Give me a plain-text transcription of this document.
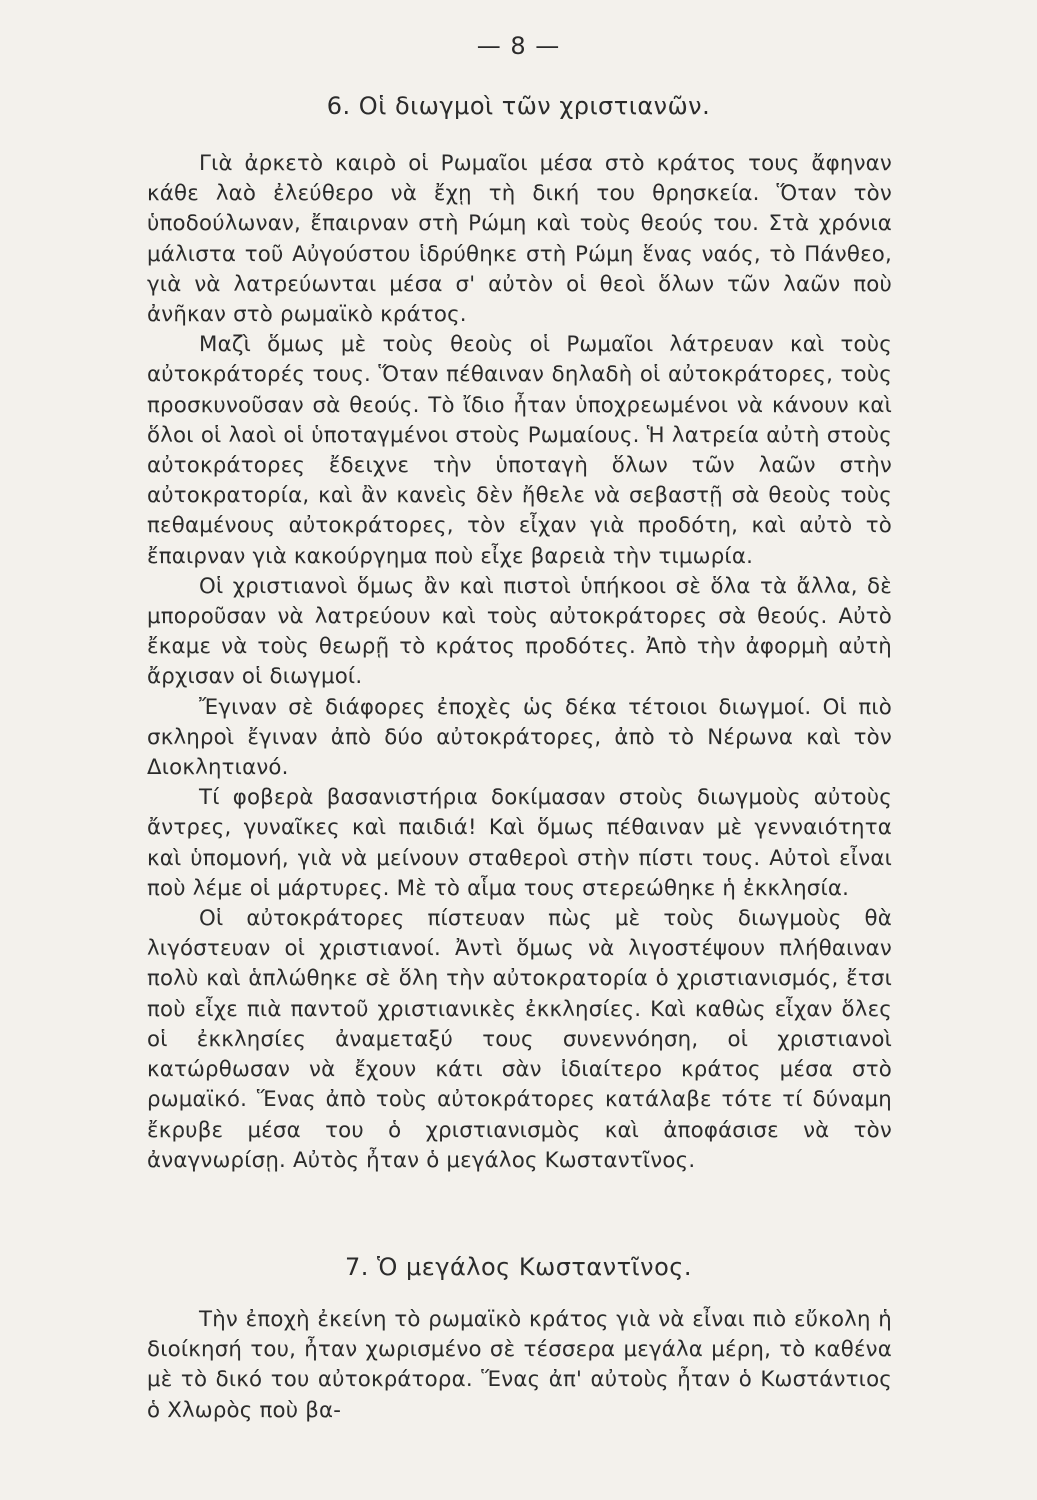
— 8 —
6. Οἱ διωγμοὶ τῶν χριστιανῶν.

Γιὰ ἀρκετὸ καιρὸ οἱ Ρωμαῖοι μέσα στὸ κράτος τους ἄφηναν κάθε λαὸ ἐλεύθερο νὰ ἔχῃ τὴ δική του θρησκεία. Ὅταν τὸν ὑποδούλωναν, ἔπαιρναν στὴ Ρώμη καὶ τοὺς θεούς του. Στὰ χρόνια μάλιστα τοῦ Αὐγούστου ἱδρύθηκε στὴ Ρώμη ἕνας ναός, τὸ Πάνθεο, γιὰ νὰ λατρεύωνται μέσα σ' αὐτὸν οἱ θεοὶ ὅλων τῶν λαῶν ποὺ ἀνῆκαν στὸ ρωμαϊκὸ κράτος.

Μαζὶ ὅμως μὲ τοὺς θεοὺς οἱ Ρωμαῖοι λάτρευαν καὶ τοὺς αὐτοκράτορές τους. Ὅταν πέθαιναν δηλαδὴ οἱ αὐτοκράτορες, τοὺς προσκυνοῦσαν σὰ θεούς. Τὸ ἴδιο ἦταν ὑποχρεωμένοι νὰ κάνουν καὶ ὅλοι οἱ λαοὶ οἱ ὑποταγμένοι στοὺς Ρωμαίους. Ἡ λατρεία αὐτὴ στοὺς αὐτοκράτορες ἔδειχνε τὴν ὑποταγὴ ὅλων τῶν λαῶν στὴν αὐτοκρατορία, καὶ ἂν κανεὶς δὲν ἤθελε νὰ σεβαστῇ σὰ θεοὺς τοὺς πεθαμένους αὐτοκράτορες, τὸν εἶχαν γιὰ προδότη, καὶ αὐτὸ τὸ ἔπαιρναν γιὰ κακούργημα ποὺ εἶχε βαρειὰ τὴν τιμωρία.

Οἱ χριστιανοὶ ὅμως ἂν καὶ πιστοὶ ὑπήκοοι σὲ ὅλα τὰ ἄλλα, δὲ μποροῦσαν νὰ λατρεύουν καὶ τοὺς αὐτοκράτορες σὰ θεούς. Αὐτὸ ἔκαμε νὰ τοὺς θεωρῇ τὸ κράτος προδότες. Ἀπὸ τὴν ἀφορμὴ αὐτὴ ἄρχισαν οἱ διωγμοί.

Ἔγιναν σὲ διάφορες ἐποχὲς ὡς δέκα τέτοιοι διωγμοί. Οἱ πιὸ σκληροὶ ἔγιναν ἀπὸ δύο αὐτοκράτορες, ἀπὸ τὸ Νέρωνα καὶ τὸν Διοκλητιανό.

Τί φοβερὰ βασανιστήρια δοκίμασαν στοὺς διωγμοὺς αὐτοὺς ἄντρες, γυναῖκες καὶ παιδιά! Καὶ ὅμως πέθαιναν μὲ γενναιότητα καὶ ὑπομονή, γιὰ νὰ μείνουν σταθεροὶ στὴν πίστι τους. Αὐτοὶ εἶναι ποὺ λέμε οἱ μάρτυρες. Μὲ τὸ αἷμα τους στερεώθηκε ἡ ἐκκλησία.

Οἱ αὐτοκράτορες πίστευαν πὼς μὲ τοὺς διωγμοὺς θὰ λιγόστευαν οἱ χριστιανοί. Ἀντὶ ὅμως νὰ λιγοστέψουν πλήθαιναν πολὺ καὶ ἁπλώθηκε σὲ ὅλη τὴν αὐτοκρατορία ὁ χριστιανισμός, ἔτσι ποὺ εἶχε πιὰ παντοῦ χριστιανικὲς ἐκκλησίες. Καὶ καθὼς εἶχαν ὅλες οἱ ἐκκλησίες ἀναμεταξύ τους συνεννόηση, οἱ χριστιανοὶ κατώρθωσαν νὰ ἔχουν κάτι σὰν ἰδιαίτερο κράτος μέσα στὸ ρωμαϊκό. Ἕνας ἀπὸ τοὺς αὐτοκράτορες κατάλαβε τότε τί δύναμη ἔκρυβε μέσα του ὁ χριστιανισμὸς καὶ ἀποφάσισε νὰ τὸν ἀναγνωρίσῃ. Αὐτὸς ἦταν ὁ μεγάλος Κωσταντῖνος.

7. Ὁ μεγάλος Κωσταντῖνος.

Τὴν ἐποχὴ ἐκείνη τὸ ρωμαϊκὸ κράτος γιὰ νὰ εἶναι πιὸ εὔκολη ἡ διοίκησή του, ἦταν χωρισμένο σὲ τέσσερα μεγάλα μέρη, τὸ καθένα μὲ τὸ δικό του αὐτοκράτορα. Ἕνας ἀπ' αὐτοὺς ἦταν ὁ Κωστάντιος ὁ Χλωρὸς ποὺ βα-
